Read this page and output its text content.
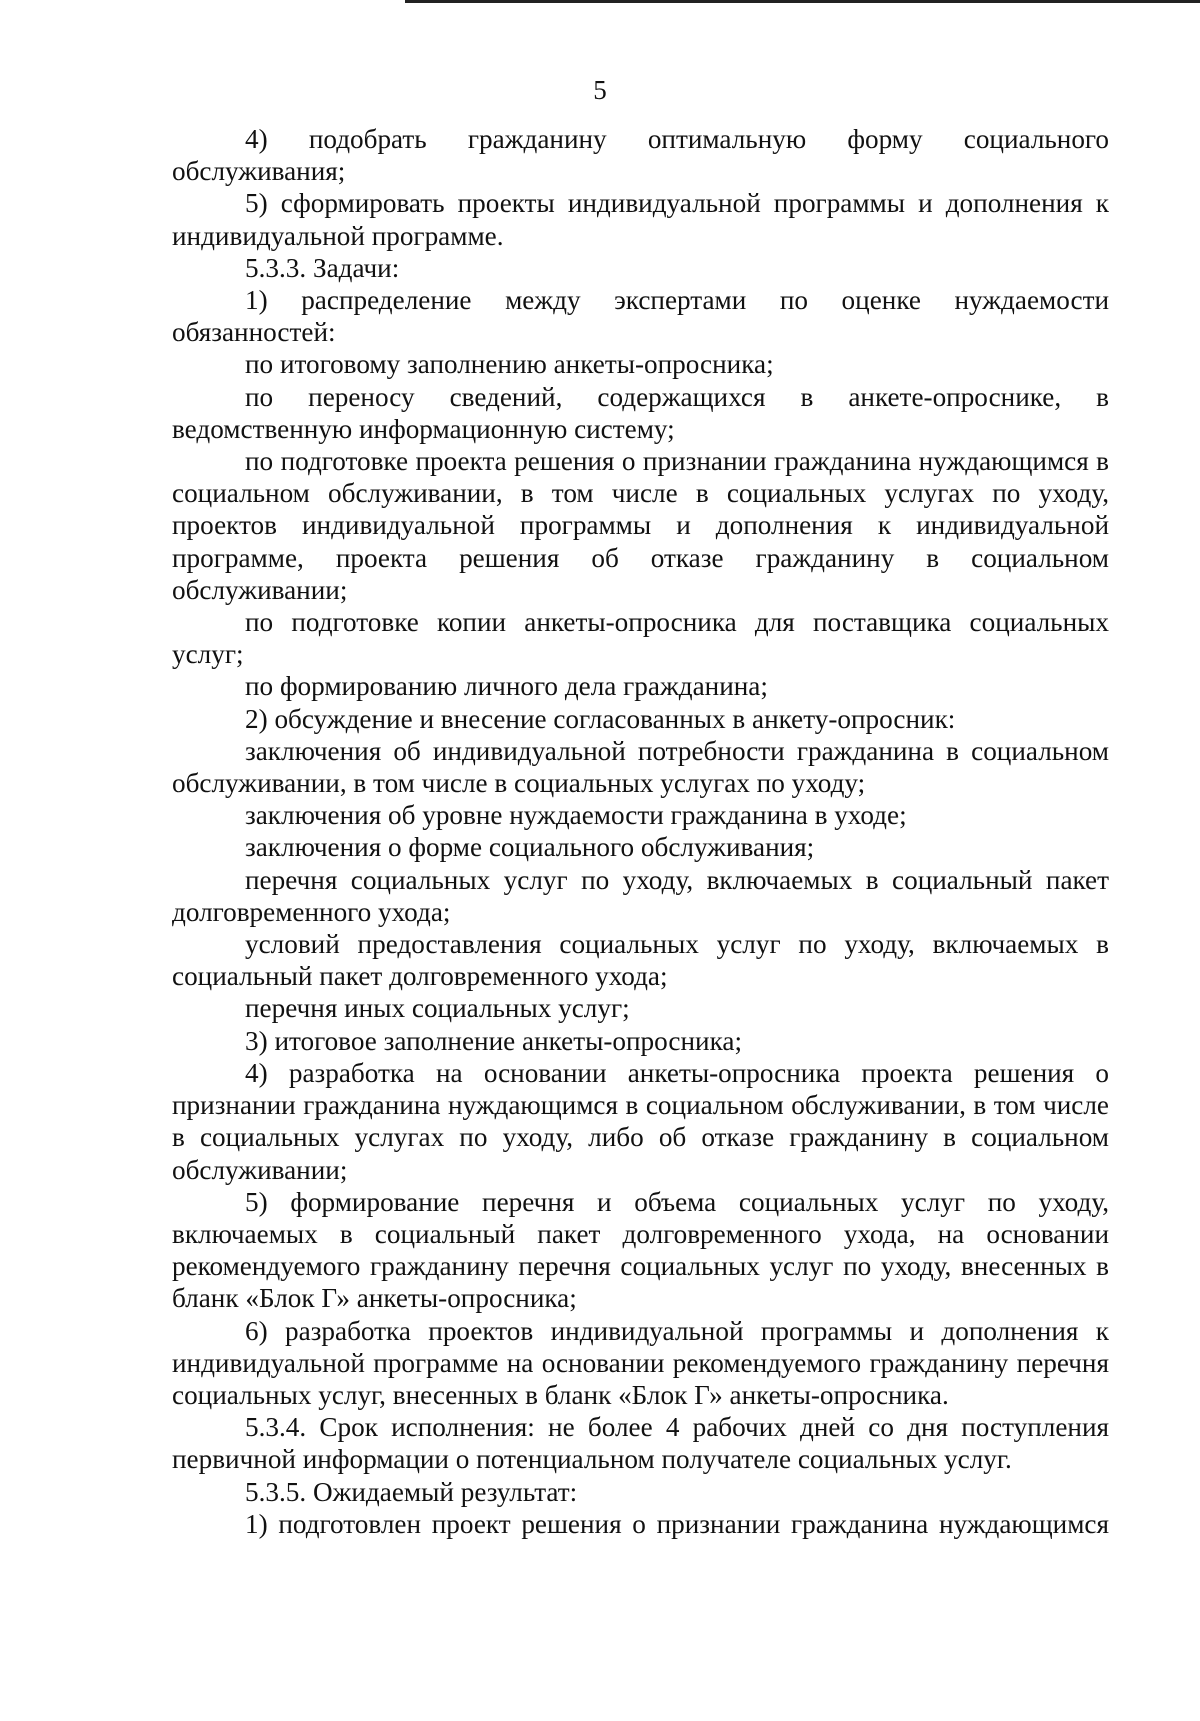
5

4) подобрать гражданину оптимальную форму социального обслуживания;

5) сформировать проекты индивидуальной программы и дополнения к индивидуальной программе.

5.3.3. Задачи:

1) распределение между экспертами по оценке нуждаемости обязанностей:

по итоговому заполнению анкеты-опросника;

по переносу сведений, содержащихся в анкете-опроснике, в ведомственную информационную систему;

по подготовке проекта решения о признании гражданина нуждающимся в социальном обслуживании, в том числе в социальных услугах по уходу, проектов индивидуальной программы и дополнения к индивидуальной программе, проекта решения об отказе гражданину в социальном обслуживании;

по подготовке копии анкеты-опросника для поставщика социальных услуг;

по формированию личного дела гражданина;

2) обсуждение и внесение согласованных в анкету-опросник:

заключения об индивидуальной потребности гражданина в социальном обслуживании, в том числе в социальных услугах по уходу;

заключения об уровне нуждаемости гражданина в уходе;

заключения о форме социального обслуживания;

перечня социальных услуг по уходу, включаемых в социальный пакет долговременного ухода;

условий предоставления социальных услуг по уходу, включаемых в социальный пакет долговременного ухода;

перечня иных социальных услуг;

3) итоговое заполнение анкеты-опросника;

4) разработка на основании анкеты-опросника проекта решения о признании гражданина нуждающимся в социальном обслуживании, в том числе в социальных услугах по уходу, либо об отказе гражданину в социальном обслуживании;

5) формирование перечня и объема социальных услуг по уходу, включаемых в социальный пакет долговременного ухода, на основании рекомендуемого гражданину перечня социальных услуг по уходу, внесенных в бланк «Блок Г» анкеты-опросника;

6) разработка проектов индивидуальной программы и дополнения к индивидуальной программе на основании рекомендуемого гражданину перечня социальных услуг, внесенных в бланк «Блок Г» анкеты-опросника.

5.3.4. Срок исполнения: не более 4 рабочих дней со дня поступления первичной информации о потенциальном получателе социальных услуг.

5.3.5. Ожидаемый результат:

1) подготовлен проект решения о признании гражданина нуждающимся
